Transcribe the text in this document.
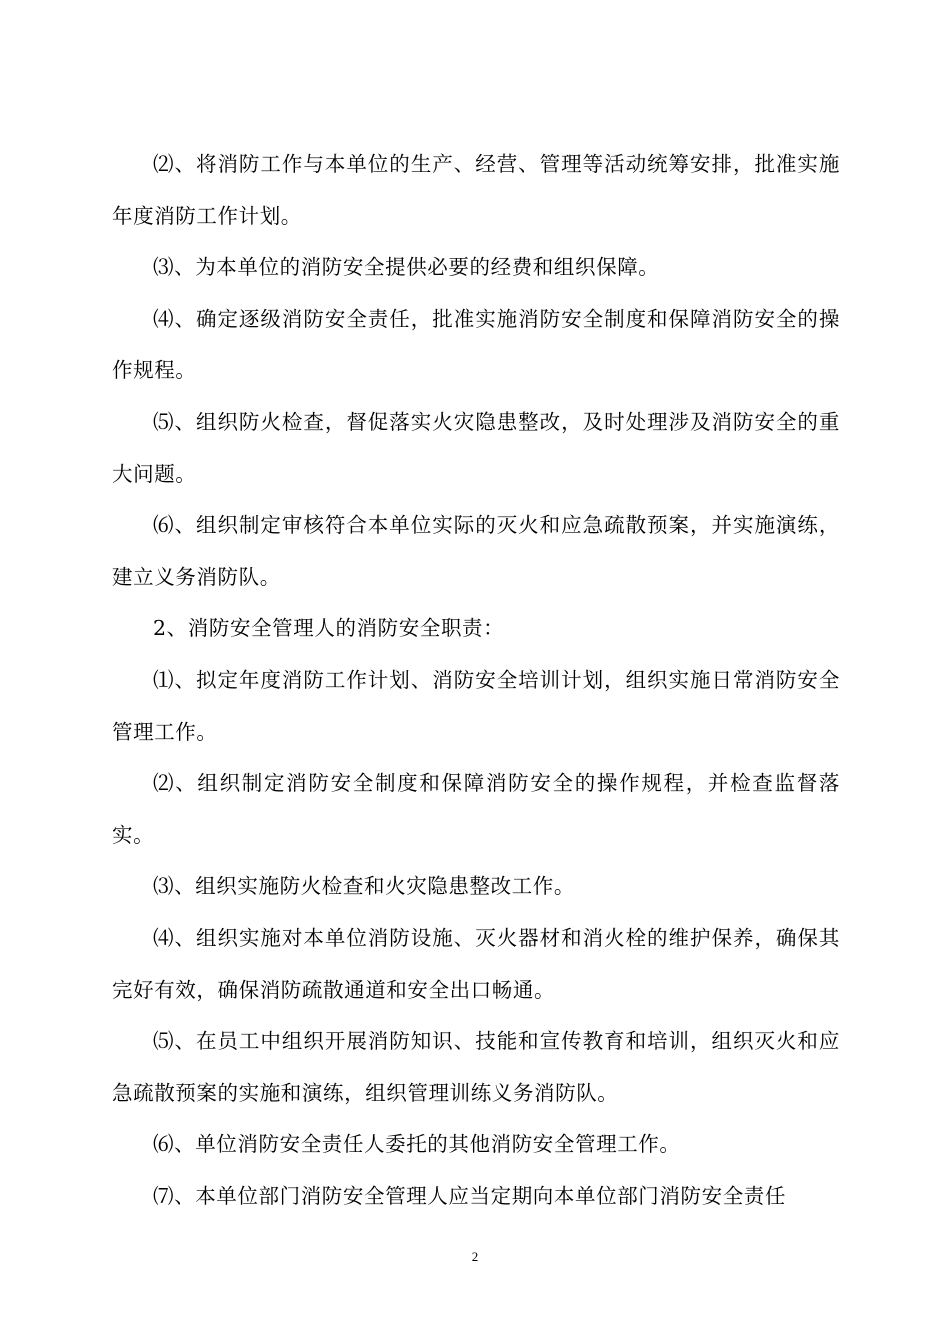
⑵、将消防工作与本单位的生产、经营、管理等活动统筹安排，批准实施年度消防工作计划。

⑶、为本单位的消防安全提供必要的经费和组织保障。

⑷、确定逐级消防安全责任，批准实施消防安全制度和保障消防安全的操作规程。

⑸、组织防火检查，督促落实火灾隐患整改，及时处理涉及消防安全的重大问题。

⑹、组织制定审核符合本单位实际的灭火和应急疏散预案，并实施演练，建立义务消防队。

2、消防安全管理人的消防安全职责：

⑴、拟定年度消防工作计划、消防安全培训计划，组织实施日常消防安全管理工作。

⑵、组织制定消防安全制度和保障消防安全的操作规程，并检查监督落实。

⑶、组织实施防火检查和火灾隐患整改工作。

⑷、组织实施对本单位消防设施、灭火器材和消火栓的维护保养，确保其完好有效，确保消防疏散通道和安全出口畅通。

⑸、在员工中组织开展消防知识、技能和宣传教育和培训，组织灭火和应急疏散预案的实施和演练，组织管理训练义务消防队。

⑹、单位消防安全责任人委托的其他消防安全管理工作。

⑺、本单位部门消防安全管理人应当定期向本单位部门消防安全责任

2
